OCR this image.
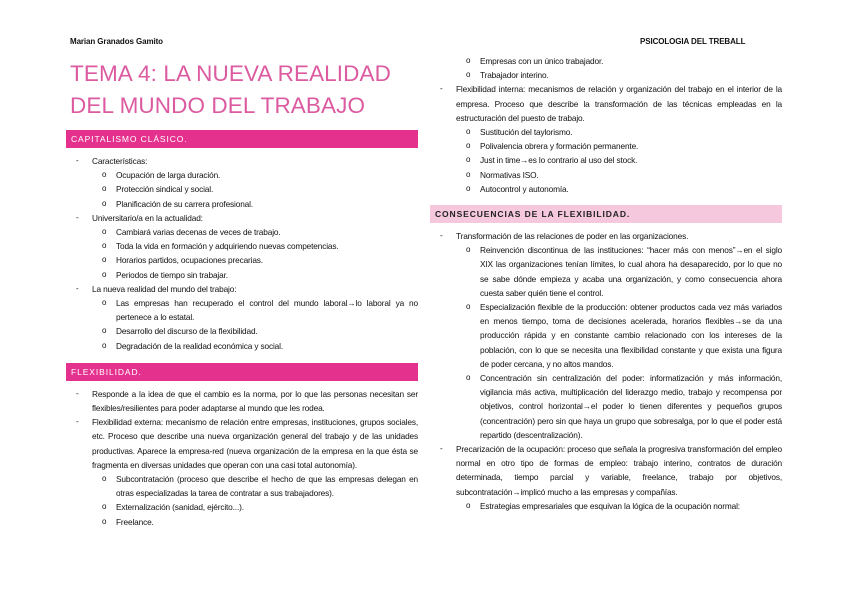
Marian Granados Gamito	PSICOLOGIA DEL TREBALL
TEMA 4: LA NUEVA REALIDAD DEL MUNDO DEL TRABAJO
CAPITALISMO CLÁSICO.
- Características:
o Ocupación de larga duración.
o Protección sindical y social.
o Planificación de su carrera profesional.
- Universitario/a en la actualidad:
o Cambiará varias decenas de veces de trabajo.
o Toda la vida en formación y adquiriendo nuevas competencias.
o Horarios partidos, ocupaciones precarias.
o Periodos de tiempo sin trabajar.
- La nueva realidad del mundo del trabajo:
o Las empresas han recuperado el control del mundo laboral→lo laboral ya no pertenece a lo estatal.
o Desarrollo del discurso de la flexibilidad.
o Degradación de la realidad económica y social.
FLEXIBILIDAD.
- Responde a la idea de que el cambio es la norma, por lo que las personas necesitan ser flexibles/resilientes para poder adaptarse al mundo que les rodea.
- Flexibilidad externa: mecanismo de relación entre empresas, instituciones, grupos sociales, etc. Proceso que describe una nueva organización general del trabajo y de las unidades productivas. Aparece la empresa-red (nueva organización de la empresa en la que ésta se fragmenta en diversas unidades que operan con una casi total autonomía).
o Subcontratación (proceso que describe el hecho de que las empresas delegan en otras especializadas la tarea de contratar a sus trabajadores).
o Externalización (sanidad, ejército...).
o Freelance.
o Empresas con un único trabajador.
o Trabajador interino.
- Flexibilidad interna: mecanismos de relación y organización del trabajo en el interior de la empresa. Proceso que describe la transformación de las técnicas empleadas en la estructuración del puesto de trabajo.
o Sustitución del taylorismo.
o Polivalencia obrera y formación permanente.
o Just in time→es lo contrario al uso del stock.
o Normativas ISO.
o Autocontrol y autonomía.
CONSECUENCIAS DE LA FLEXIBILIDAD.
- Transformación de las relaciones de poder en las organizaciones.
o Reinvención discontinua de las instituciones: “hacer más con menos”→en el siglo XIX las organizaciones tenían límites, lo cual ahora ha desaparecido, por lo que no se sabe dónde empieza y acaba una organización, y como consecuencia ahora cuesta saber quién tiene el control.
o Especialización flexible de la producción: obtener productos cada vez más variados en menos tiempo, toma de decisiones acelerada, horarios flexibles→se da una producción rápida y en constante cambio relacionado con los intereses de la población, con lo que se necesita una flexibilidad constante y que exista una figura de poder cercana, y no altos mandos.
o Concentración sin centralización del poder: informatización y más información, vigilancia más activa, multiplicación del liderazgo medio, trabajo y recompensa por objetivos, control horizontal→el poder lo tienen diferentes y pequeños grupos (concentración) pero sin que haya un grupo que sobresalga, por lo que el poder está repartido (descentralización).
- Precarización de la ocupación: proceso que señala la progresiva transformación del empleo normal en otro tipo de formas de empleo: trabajo interino, contratos de duración determinada, tiempo parcial y variable, freelance, trabajo por objetivos, subcontratación→implicó mucho a las empresas y compañías.
o Estrategias empresariales que esquivan la lógica de la ocupación normal:
